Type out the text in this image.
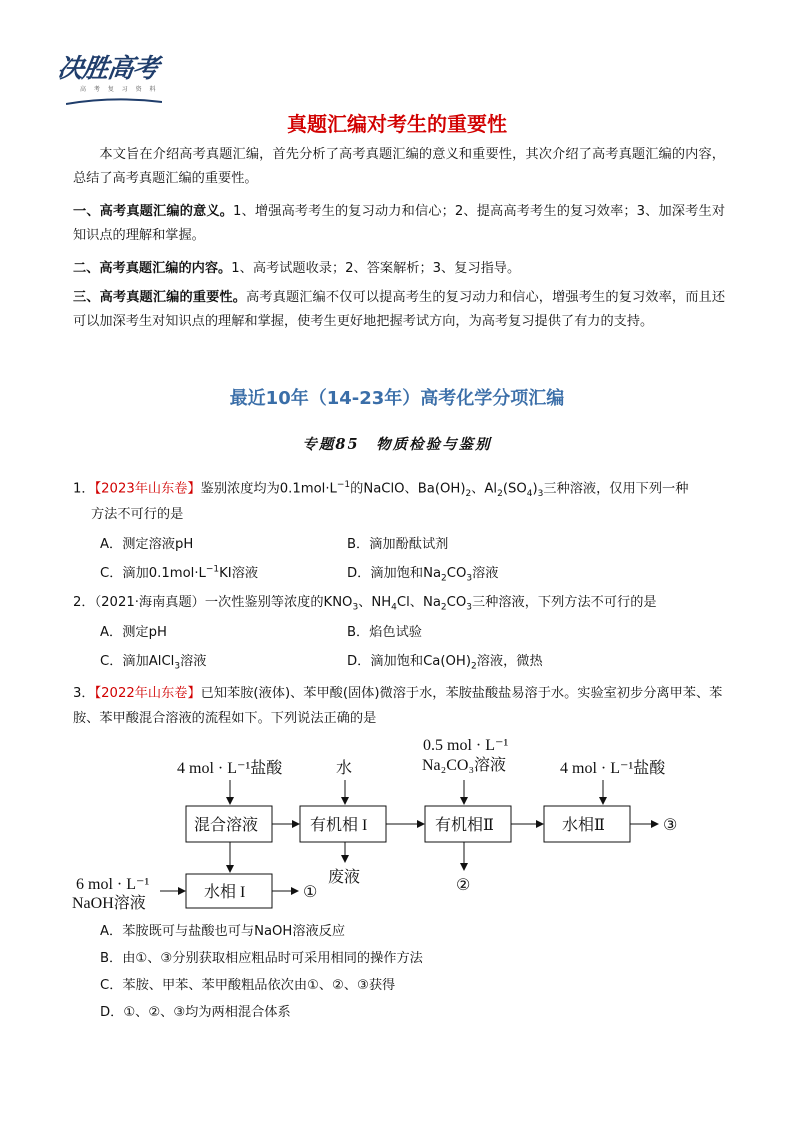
决胜高考
高 考 复 习 资 料
真题汇编对考生的重要性
本文旨在介绍高考真题汇编，首先分析了高考真题汇编的意义和重要性，其次介绍了高考真题汇编的内容，总结了高考真题汇编的重要性。
一、高考真题汇编的意义。1、增强高考考生的复习动力和信心；2、提高高考考生的复习效率；3、加深考生对知识点的理解和掌握。
二、高考真题汇编的内容。1、高考试题收录；2、答案解析；3、复习指导。
三、高考真题汇编的重要性。高考真题汇编不仅可以提高考生的复习动力和信心，增强考生的复习效率，而且还可以加深考生对知识点的理解和掌握，使考生更好地把握考试方向，为高考复习提供了有力的支持。
最近10年（14-23年）高考化学分项汇编
专题85　物质检验与鉴别
1．【2023年山东卷】鉴别浓度均为$0.1mol\cdot L^{-1}$的NaClO、$Ba(OH)_2$、$Al_2(SO_4)_3$三种溶液，仅用下列一种
方法不可行的是
A．测定溶液pH	B．滴加酚酞试剂
C．滴加$0.1mol\cdot L^{-1}KI$溶液	D．滴加饱和$Na_2CO_3$溶液
2．（2021·海南真题）一次性鉴别等浓度的$KNO_3$、$NH_4Cl$、$Na_2CO_3$三种溶液，下列方法不可行的是
A．测定pH	B．焰色试验
C．滴加AlCl$_3$溶液	D．滴加饱和$Ca(OH)_2$溶液，微热
3．【2022年山东卷】已知苯胺(液体)、苯甲酸(固体)微溶于水，苯胺盐酸盐易溶于水。实验室初步分离甲苯、苯胺、苯甲酸混合溶液的流程如下。下列说法正确的是
4 mol · L⁻¹盐酸	水
0.5 mol · L⁻¹
Na₂CO₃溶液	4 mol · L⁻¹盐酸
混合溶液	有机相 I	有机相Ⅱ	水相Ⅱ	③
废液	②
水相 I	①
6 mol · L⁻¹
NaOH溶液
A．苯胺既可与盐酸也可与NaOH溶液反应
B．由①、③分别获取相应粗品时可采用相同的操作方法
C．苯胺、甲苯、苯甲酸粗品依次由①、②、③获得
D．①、②、③均为两相混合体系
